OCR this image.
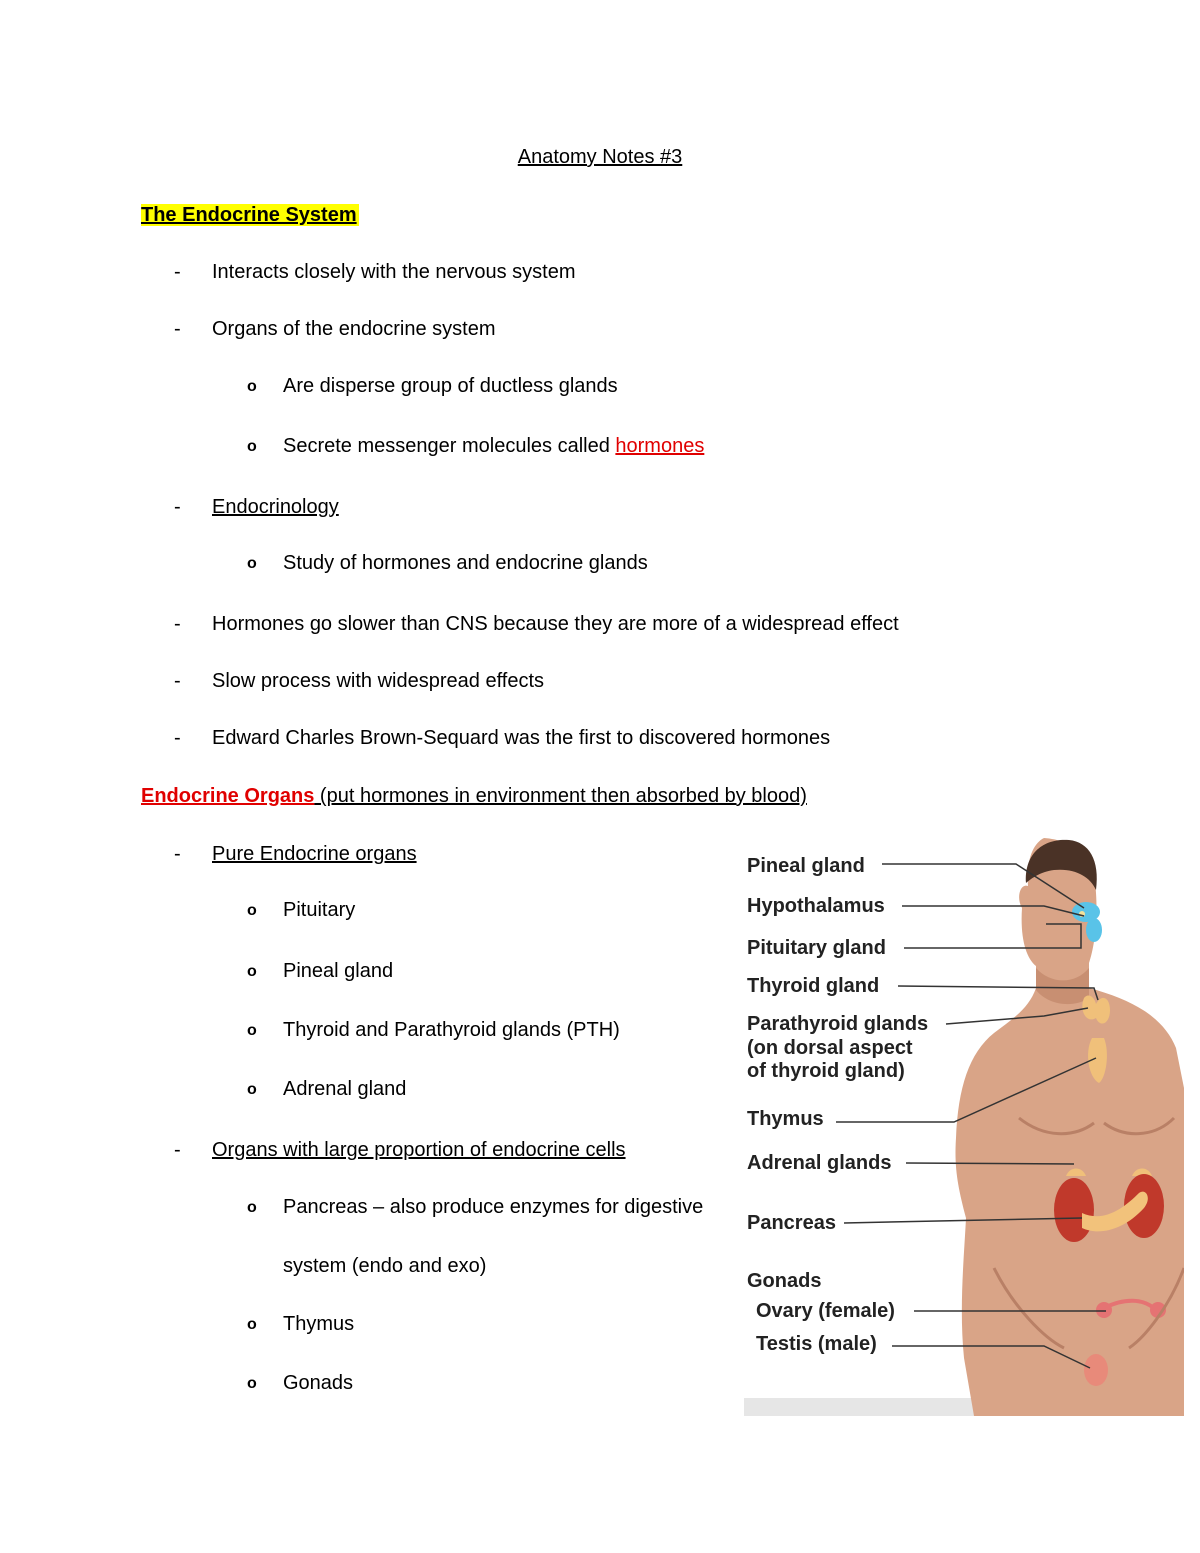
Anatomy Notes #3
The Endocrine System
- Interacts closely with the nervous system
- Organs of the endocrine system
o Are disperse group of ductless glands
o Secrete messenger molecules called hormones
- Endocrinology
o Study of hormones and endocrine glands
- Hormones go slower than CNS because they are more of a widespread effect
- Slow process with widespread effects
- Edward Charles Brown-Sequard was the first to discovered hormones
Endocrine Organs (put hormones in environment then absorbed by blood)
- Pure Endocrine organs
o Pituitary
o Pineal gland
o Thyroid and Parathyroid glands (PTH)
o Adrenal gland
- Organs with large proportion of endocrine cells
o Pancreas – also produce enzymes for digestive
system (endo and exo)
o Thymus
o Gonads
Pineal gland
Hypothalamus
Pituitary gland
Thyroid gland
Parathyroid glands
(on dorsal aspect
of thyroid gland)
Thymus
Adrenal glands
Pancreas
Gonads
Ovary (female)
Testis (male)
